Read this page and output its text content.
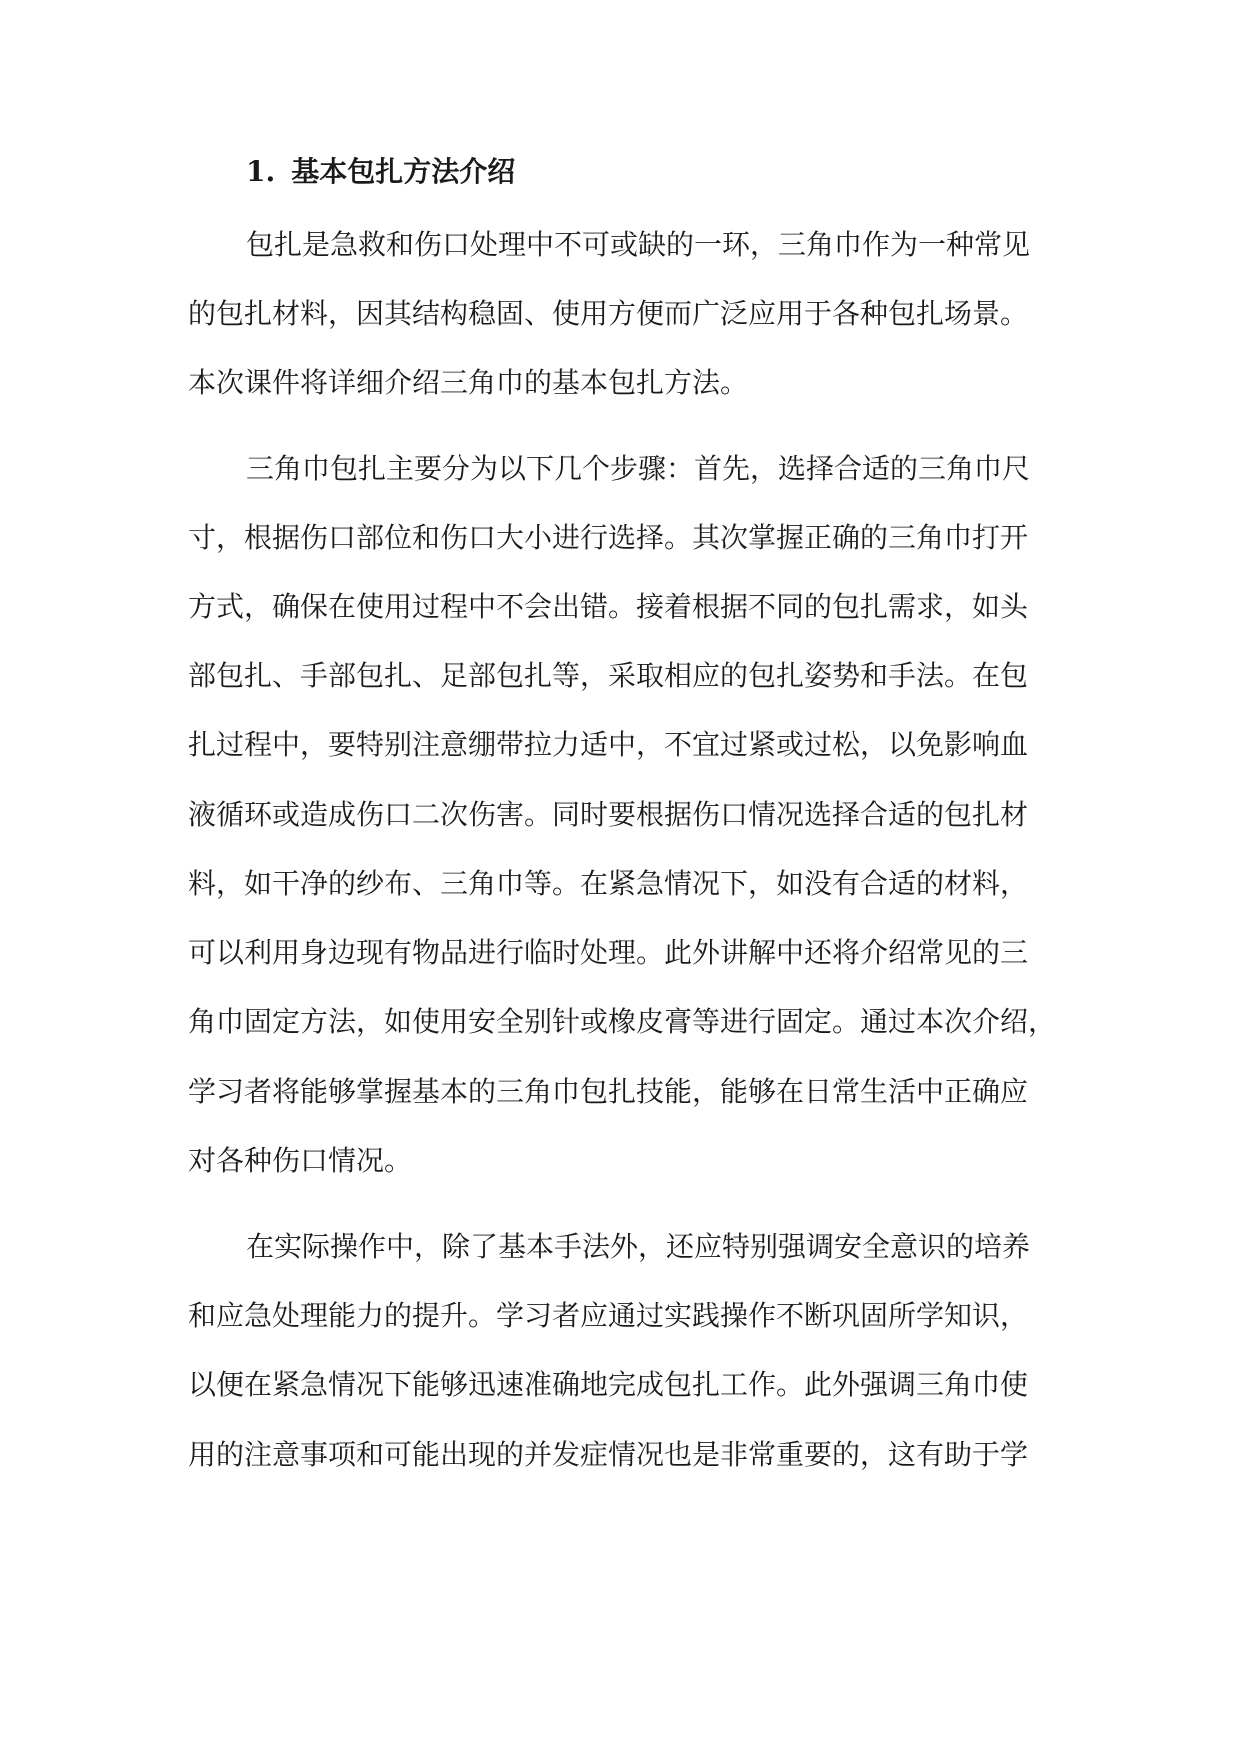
1. 基本包扎方法介绍
包扎是急救和伤口处理中不可或缺的一环，三角巾作为一种常见
的包扎材料，因其结构稳固、使用方便而广泛应用于各种包扎场景。
本次课件将详细介绍三角巾的基本包扎方法。
三角巾包扎主要分为以下几个步骤：首先，选择合适的三角巾尺
寸，根据伤口部位和伤口大小进行选择。其次掌握正确的三角巾打开
方式，确保在使用过程中不会出错。接着根据不同的包扎需求，如头
部包扎、手部包扎、足部包扎等，采取相应的包扎姿势和手法。在包
扎过程中，要特别注意绷带拉力适中，不宜过紧或过松，以免影响血
液循环或造成伤口二次伤害。同时要根据伤口情况选择合适的包扎材
料，如干净的纱布、三角巾等。在紧急情况下，如没有合适的材料，
可以利用身边现有物品进行临时处理。此外讲解中还将介绍常见的三
角巾固定方法，如使用安全别针或橡皮膏等进行固定。通过本次介绍，
学习者将能够掌握基本的三角巾包扎技能，能够在日常生活中正确应
对各种伤口情况。
在实际操作中，除了基本手法外，还应特别强调安全意识的培养
和应急处理能力的提升。学习者应通过实践操作不断巩固所学知识，
以便在紧急情况下能够迅速准确地完成包扎工作。此外强调三角巾使
用的注意事项和可能出现的并发症情况也是非常重要的，这有助于学
